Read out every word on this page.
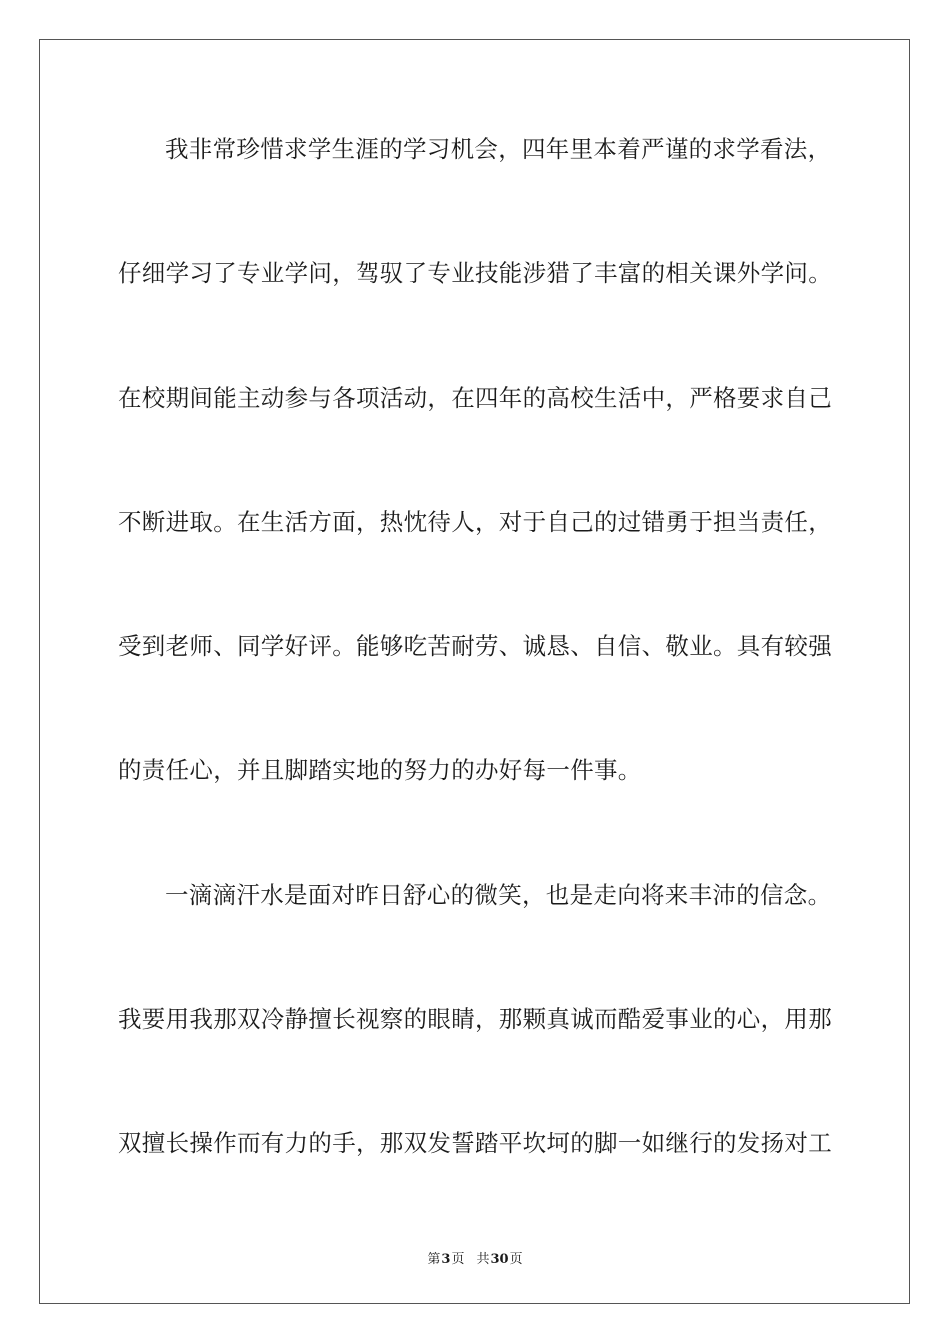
我非常珍惜求学生涯的学习机会，四年里本着严谨的求学看法，
仔细学习了专业学问，驾驭了专业技能涉猎了丰富的相关课外学问。
在校期间能主动参与各项活动，在四年的高校生活中，严格要求自己
不断进取。在生活方面，热忱待人，对于自己的过错勇于担当责任，
受到老师、同学好评。能够吃苦耐劳、诚恳、自信、敬业。具有较强
的责任心，并且脚踏实地的努力的办好每一件事。
一滴滴汗水是面对昨日舒心的微笑，也是走向将来丰沛的信念。
我要用我那双冷静擅长视察的眼睛，那颗真诚而酷爱事业的心，用那
双擅长操作而有力的手，那双发誓踏平坎坷的脚一如继行的发扬对工
第3页 共30页
